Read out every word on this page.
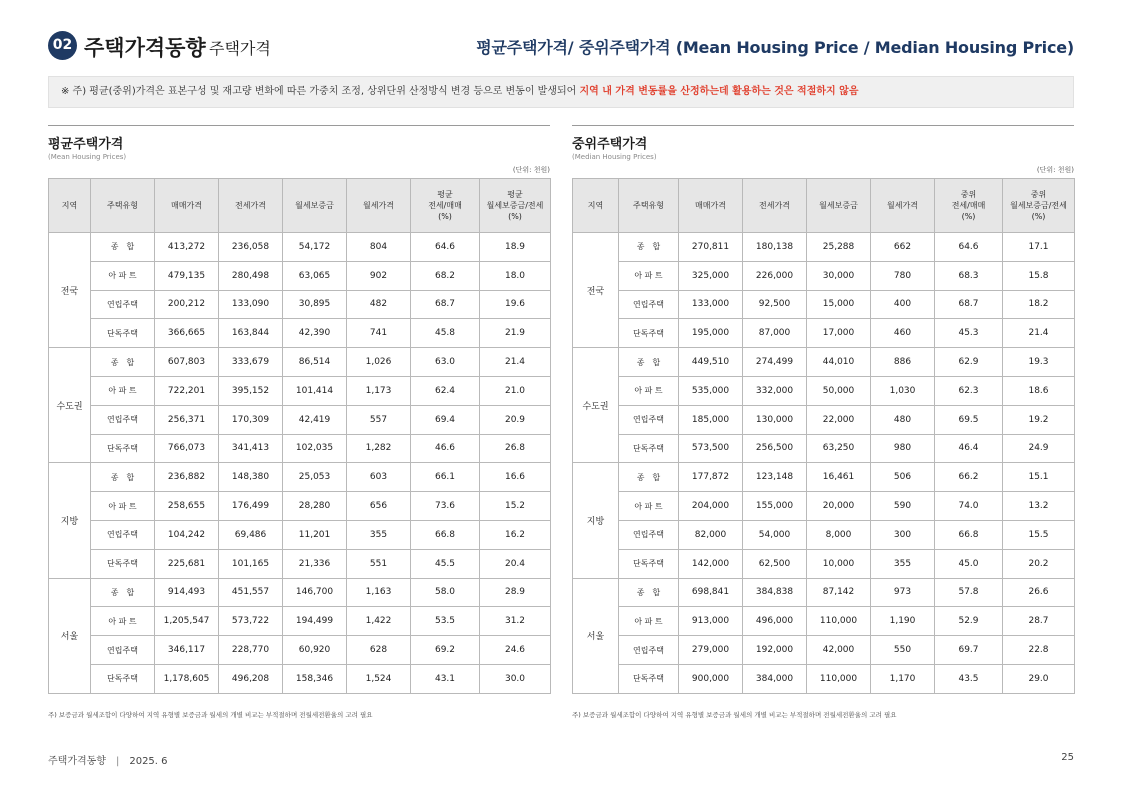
02 주택가격동향 주택가격	평균주택가격/ 중위주택가격 (Mean Housing Price / Median Housing Price)
※ 주) 평균(중위)가격은 표본구성 및 재고량 변화에 따른 가중치 조정, 상위단위 산정방식 변경 등으로 변동이 발생되어 지역 내 가격 변동률을 산정하는데 활용하는 것은 적절하지 않음
평균주택가격
(Mean Housing Prices)
(단위: 천원)
지역	주택유형	매매가격	전세가격	월세보증금	월세가격	평균
전세/매매
(%)	평균
월세보증금/전세
(%)
전국	종　합	413,272	236,058	54,172	804	64.6	18.9
	아 파 트	479,135	280,498	63,065	902	68.2	18.0
	연립주택	200,212	133,090	30,895	482	68.7	19.6
	단독주택	366,665	163,844	42,390	741	45.8	21.9
수도권	종　합	607,803	333,679	86,514	1,026	63.0	21.4
	아 파 트	722,201	395,152	101,414	1,173	62.4	21.0
	연립주택	256,371	170,309	42,419	557	69.4	20.9
	단독주택	766,073	341,413	102,035	1,282	46.6	26.8
지방	종　합	236,882	148,380	25,053	603	66.1	16.6
	아 파 트	258,655	176,499	28,280	656	73.6	15.2
	연립주택	104,242	69,486	11,201	355	66.8	16.2
	단독주택	225,681	101,165	21,336	551	45.5	20.4
서울	종　합	914,493	451,557	146,700	1,163	58.0	28.9
	아 파 트	1,205,547	573,722	194,499	1,422	53.5	31.2
	연립주택	346,117	228,770	60,920	628	69.2	24.6
	단독주택	1,178,605	496,208	158,346	1,524	43.1	30.0
중위주택가격
(Median Housing Prices)
(단위: 천원)
지역	주택유형	매매가격	전세가격	월세보증금	월세가격	중위
전세/매매
(%)	중위
월세보증금/전세
(%)
전국	종　합	270,811	180,138	25,288	662	64.6	17.1
	아 파 트	325,000	226,000	30,000	780	68.3	15.8
	연립주택	133,000	92,500	15,000	400	68.7	18.2
	단독주택	195,000	87,000	17,000	460	45.3	21.4
수도권	종　합	449,510	274,499	44,010	886	62.9	19.3
	아 파 트	535,000	332,000	50,000	1,030	62.3	18.6
	연립주택	185,000	130,000	22,000	480	69.5	19.2
	단독주택	573,500	256,500	63,250	980	46.4	24.9
지방	종　합	177,872	123,148	16,461	506	66.2	15.1
	아 파 트	204,000	155,000	20,000	590	74.0	13.2
	연립주택	82,000	54,000	8,000	300	66.8	15.5
	단독주택	142,000	62,500	10,000	355	45.0	20.2
서울	종　합	698,841	384,838	87,142	973	57.8	26.6
	아 파 트	913,000	496,000	110,000	1,190	52.9	28.7
	연립주택	279,000	192,000	42,000	550	69.7	22.8
	단독주택	900,000	384,000	110,000	1,170	43.5	29.0
주) 보증금과 월세조합이 다양하여 지역 유형별 보증금과 월세의 개별 비교는 부적절하며 전월세전환율의 고려 필요	주) 보증금과 월세조합이 다양하여 지역 유형별 보증금과 월세의 개별 비교는 부적절하며 전월세전환율의 고려 필요
주택가격동향 | 2025. 6	25
